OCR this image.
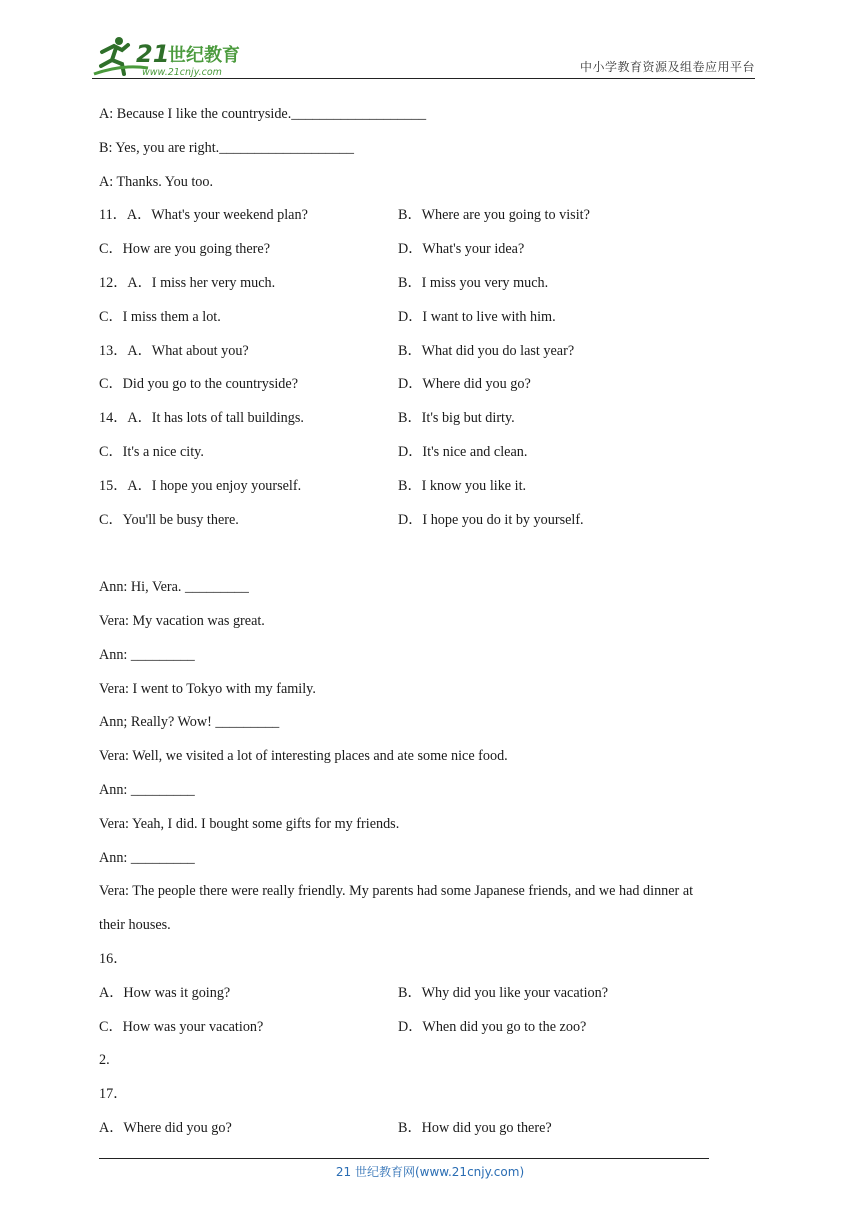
21
世纪教育
www.21cnjy.com	中小学教育资源及组卷应用平台
A: Because I like the countryside.___________________
B: Yes, you are right.___________________
A: Thanks. You too.
11．A．What's your weekend plan?	B．Where are you going to visit?
C．How are you going there?	D．What's your idea?
12．A．I miss her very much.	B．I miss you very much.
C．I miss them a lot.	D．I want to live with him.
13．A．What about you?	B．What did you do last year?
C．Did you go to the countryside?	D．Where did you go?
14．A．It has lots of tall buildings.	B．It's big but dirty.
C．It's a nice city.	D．It's nice and clean.
15．A．I hope you enjoy yourself.	B．I know you like it.
C．You'll be busy there.	D．I hope you do it by yourself.
Ann: Hi, Vera. _________
Vera: My vacation was great.
Ann: _________
Vera: I went to Tokyo with my family.
Ann; Really? Wow! _________
Vera: Well, we visited a lot of interesting places and ate some nice food.
Ann: _________
Vera: Yeah, I did. I bought some gifts for my friends.
Ann: _________
Vera: The people there were really friendly. My parents had some Japanese friends, and we had dinner at
their houses.
16．
A．How was it going?	B．Why did you like your vacation?
C．How was your vacation?	D．When did you go to the zoo?
2.
17．
A．Where did you go?	B．How did you go there?
21 世纪教育网(www.21cnjy.com)
